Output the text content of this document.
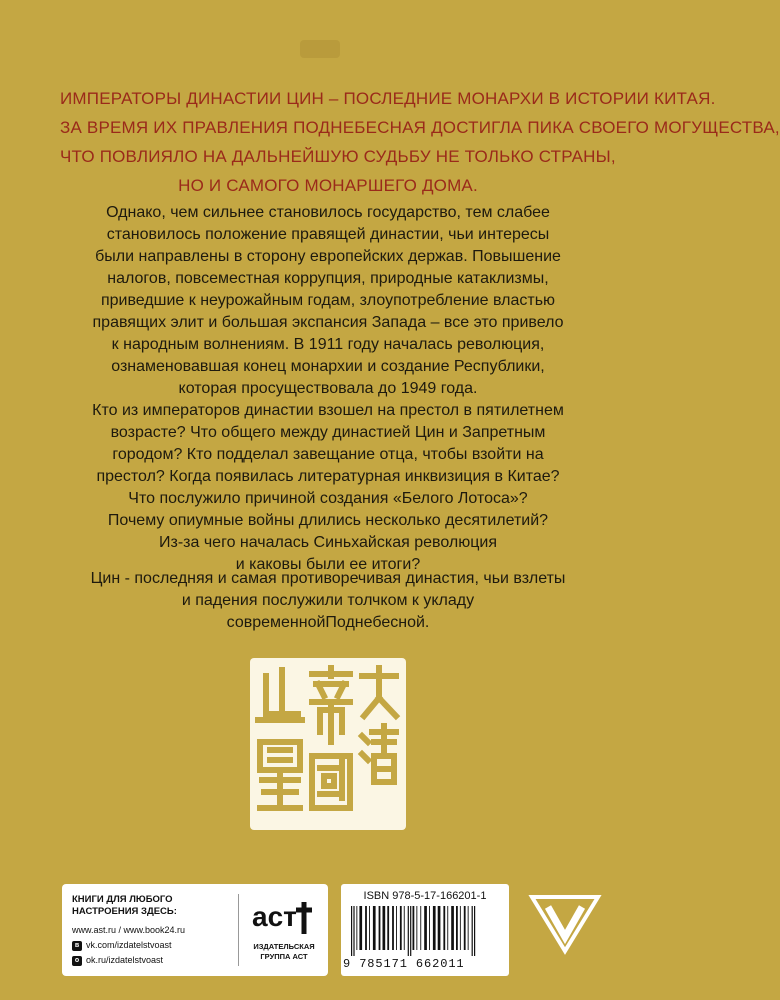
ИМПЕРАТОРЫ ДИНАСТИИ ЦИН – ПОСЛЕДНИЕ МОНАРХИ В ИСТОРИИ КИТАЯ.
ЗА ВРЕМЯ ИХ ПРАВЛЕНИЯ ПОДНЕБЕСНАЯ ДОСТИГЛА ПИКА СВОЕГО МОГУЩЕСТВА,
ЧТО ПОВЛИЯЛО НА ДАЛЬНЕЙШУЮ СУДЬБУ НЕ ТОЛЬКО СТРАНЫ,
НО И САМОГО МОНАРШЕГО ДОМА.
Однако, чем сильнее становилось государство, тем слабее
становилось положение правящей династии, чьи интересы
были направлены в сторону европейских держав. Повышение
налогов, повсеместная коррупция, природные катаклизмы,
приведшие к неурожайным годам, злоупотребление властью
правящих элит и большая экспансия Запада – все это привело
к народным волнениям. В 1911 году началась революция,
ознаменовавшая конец монархии и создание Республики,
которая просуществовала до 1949 года.
Кто из императоров династии взошел на престол в пятилетнем
возрасте? Что общего между династией Цин и Запретным
городом? Кто подделал завещание отца, чтобы взойти на
престол? Когда появилась литературная инквизиция в Китае?
Что послужило причиной создания «Белого Лотоса»?
Почему опиумные войны длились несколько десятилетий?
Из-за чего началась Синьхайская революция
и каковы были ее итоги?
Цин - последняя и самая противоречивая династия, чьи взлеты
и падения послужили толчком к укладу
современнойПоднебесной.
КНИГИ ДЛЯ ЛЮБОГО
НАСТРОЕНИЯ ЗДЕСЬ:
www.ast.ru / www.book24.ru
в vk.com/izdatelstvoast
о ok.ru/izdatelstvoast
аст
ИЗДАТЕЛЬСКАЯ
ГРУППА АСТ
ISBN 978-5-17-166201-1
9 785171 662011
